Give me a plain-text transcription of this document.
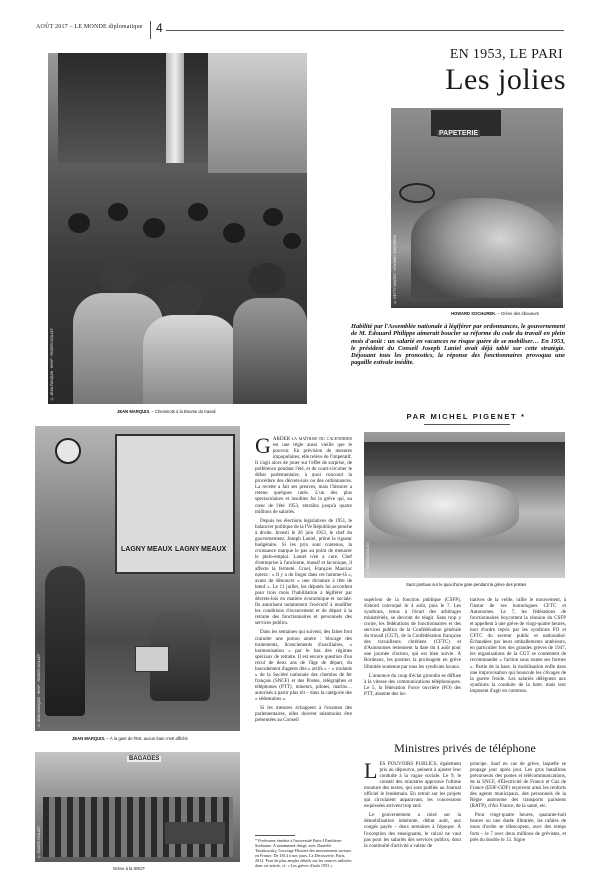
AOÛT 2017 – LE MONDE diplomatique 4
© JEAN PANQUIN · BHVP · ROGER-VIOLLET
JEAN MARQUIS. – Cheminots à la Bourse du travail
EN 1953, LE PARI
Les jolies
PAPETERIE
© GETTY IMAGES · HOWARD SOCHUREK
HOWARD SOCHUREK. – Grève des éboueurs
Habilité par l'Assemblée nationale à légiférer par ordonnances, le gouvernement de M. Édouard Philippe aimerait boucler sa réforme du code du travail en plein mois d'août : un salarié en vacances ne risque guère de se mobiliser… En 1953, le président du Conseil Joseph Laniel avait déjà tablé sur cette stratégie. Déjouant tous les pronostics, la réponse des fonctionnaires provoqua une pagaille estivale inédite.
PAR MICHEL PIGENET *
LAGNY MEAUX LAGNY MEAUX
© JEAN MARQUIS · BHVP · ROGER-VIOLLET
JEAN MARQUIS. – À la gare de l'Est, aucun train n'est affiché
BAGAGES
© ROGER-VIOLLET
Grève à la SNCF

GARDER la maîtrise du calendrier est une règle aussi vieille que le pouvoir. En prévision de mesures impopulaires, elle relève de l'impératif. Il s'agit alors de jouer sur l'effet de surprise, de préférence pendant l'été, et de court-circuiter le débat parlementaire, à quoi concourt la procédure des décrets-lois ou des ordonnances. La recette a fait ses preuves, mais l'histoire a retenu quelques ratés. L'un des plus spectaculaires et insolites fut la grève qui, au cœur de l'été 1953, entraîna jusqu'à quatre millions de salariés.

Depuis les élections législatives de 1951, le balancier politique de la IVe République penche à droite. Investi le 26 juin 1953, le chef du gouvernement, Joseph Laniel, prône la rigueur budgétaire. Si les prix sont contenus, la croissance marque le pas au point de menacer le plein-emploi. Laniel n'en a cure. Chef d'entreprise à l'ancienne, massif et laconique, il affecte la fermeté. Cruel, François Mauriac notera : « Il y a du lingot dans cet homme-là », avant de dénoncer « une dictature à tête de bœuf ». Le 11 juillet, les députés lui accordent pour trois mois l'habilitation à légiférer par décrets-lois en matière économique et sociale. Ils autorisent notamment l'exécutif à modifier les conditions d'avancement et de départ à la retraite des fonctionnaires et personnels des services publics.

Dans les semaines qui suivent, des faites font craindre une potion amère : blocage des traitements, licenciements d'auxiliaires, « harmonisation » par le bas des régimes spéciaux de retraite. Il est encore question d'un recul de deux ans de l'âge de départ, du basculement d'agents dits « actifs » – « roulants » de la Société nationale des chemins de fer français (SNCF) et des Postes, télégraphes et téléphones (PTT), mineurs, pilotes, marins… autorisés à partir plus tôt – dans la catégorie des « sédentaires ».

Si les mesures échappent à l'examen des parlementaires, elles doivent néanmoins être présentées au Conseil

* Professeur émérite à l'université Paris-I Panthéon-Sorbonne. A notamment dirigé, avec Danielle Tartakowsky, l'ouvrage Histoire des mouvements sociaux en France. De 1814 à nos jours, La Découverte, Paris, 2012. Pour de plus amples détails sur les sources utilisées dans cet article, cf. « Les grèves d'août 1953 ».
© ROGER-VIOLLET
Sacs postaux sur le quai d'une gare pendant la grève des postes

supérieur de la fonction publique (CSFP), d'abord convoqué le 4 août, puis le 7. Les syndicats, tenus à l'écart des arbitrages ministériels, se devront de réagir. Sans trop y croire, les fédérations de fonctionnaires et des services publics de la Confédération générale du travail (CGT), de la Confédération française des travailleurs chrétiens (CFTC) et d'Autonomes retiennent la date du 4 août pour une journée d'action, qui est bien suivie. À Bordeaux, les postiers la prolongent en grève illimitée soutenue par tous les syndicats locaux.

L'annonce du coup d'éclat girondin se diffuse à la vitesse des communications téléphoniques. Le 5, la fédération Force ouvrière (FO) des PTT, absente des ini-

tiatives de la veille, rallie le mouvement, à l'instar de ses homologues CFTC et Autonomes. Le 7, les fédérations de fonctionnaires boycottent la réunion du CSFP et appellent à une grève de vingt-quatre heures, mot d'ordre repris par les syndicats FO et CFTC du secteur public et nationalisé. Échaudées par leurs emballements antérieurs, en particulier lors des grandes grèves de 1947, les organisations de la CGT se contentent de recommander « l'action sous toutes ses formes ». Partie de la base, la mobilisation enfle dans une improvisation qui bouscule les clivages de la guerre froide. Les salariés délèguent aux syndicats la conduite de la lutte, mais leur imposent d'agir en commun.

Ministres privés de téléphone

LES POUVOIRS PUBLICS, également pris au dépourvu, peinent à ajuster leur conduite à la vague sociale. Le 9, le conseil des ministres approuve l'ultime mouture des textes, qui sont publiés au Journal officiel le lendemain. En retrait sur les projets qui circulaient auparavant, les concessions esquissées arrivent trop tard.

Le gouvernement a misé sur la démobilisation inhérente, début août, aux congés payés – deux semaines à l'époque. À l'exception des enseignants, le calcul ne vaut pas pour les salariés des services publics, dont la continuité d'activité a valeur de

principe. Sauf en cas de grève, laquelle se propage jour après jour. Les gros bataillons précurseurs des postes et télécommunications, de la SNCF, d'Électricité de France et Gaz de France (EDF-GDF) reçoivent ainsi les renforts des agents municipaux, des personnels de la Régie autonome des transports parisiens (RATP), d'Air France, de la santé, etc.

Pour vingt-quatre heures, quarante-huit heures ou une durée illimitée, les rafales de mots d'ordre se télescopent, avec des temps forts – le 7 avec deux millions de grévistes, et près du double le 13. Signe
